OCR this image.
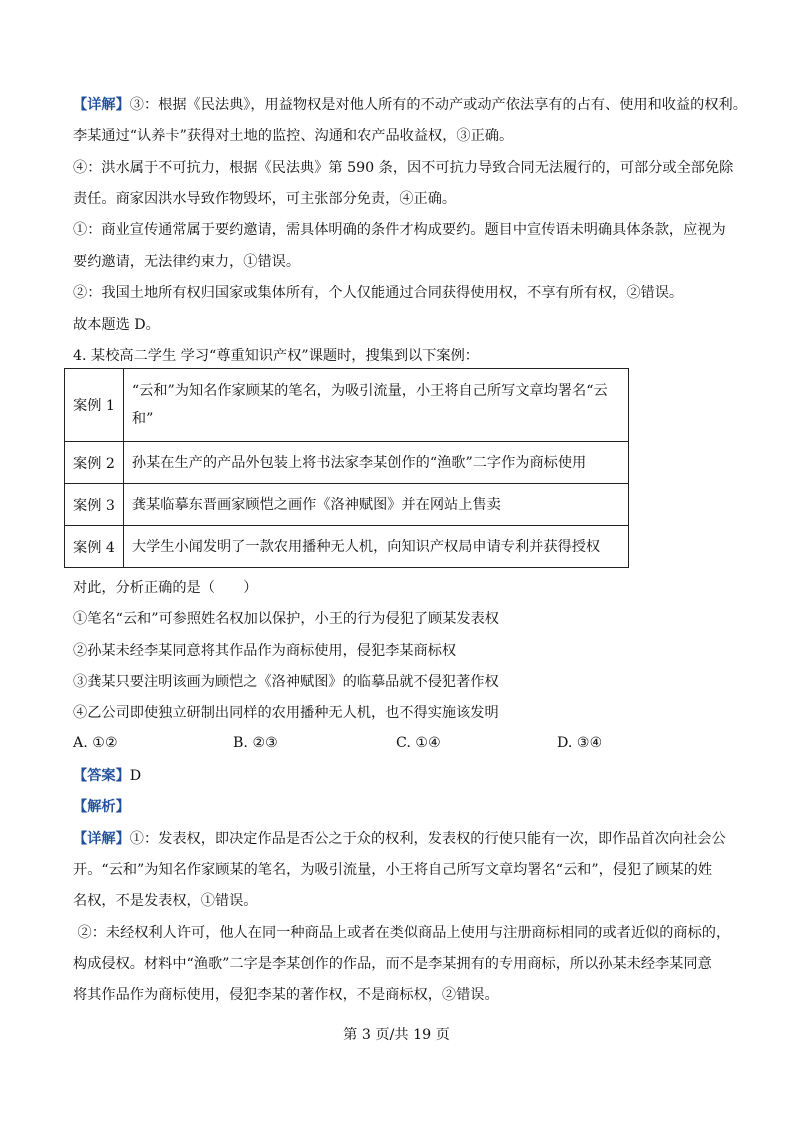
【详解】③：根据《民法典》，用益物权是对他人所有的不动产或动产依法享有的占有、使用和收益的权利。
李某通过“认养卡”获得对土地的监控、沟通和农产品收益权，③正确。
④：洪水属于不可抗力，根据《民法典》第 590 条，因不可抗力导致合同无法履行的，可部分或全部免除
责任。商家因洪水导致作物毁坏，可主张部分免责，④正确。
①：商业宣传通常属于要约邀请，需具体明确的条件才构成要约。题目中宣传语未明确具体条款，应视为
要约邀请，无法律约束力，①错误。
②：我国土地所有权归国家或集体所有，个人仅能通过合同获得使用权，不享有所有权，②错误。
故本题选 D。
4. 某校高二学生 学习“尊重知识产权”课题时，搜集到以下案例：
案例 1	“云和”为知名作家顾某的笔名，为吸引流量，小王将自己所写文章均署名“云和”

案例 2	孙某在生产的产品外包装上将书法家李某创作的“渔歌”二字作为商标使用
案例 3	龚某临摹东晋画家顾恺之画作《洛神赋图》并在网站上售卖
案例 4	大学生小闻发明了一款农用播种无人机，向知识产权局申请专利并获得授权
对此，分析正确的是（　　）
①笔名“云和”可参照姓名权加以保护，小王的行为侵犯了顾某发表权
②孙某未经李某同意将其作品作为商标使用，侵犯李某商标权
③龚某只要注明该画为顾恺之《洛神赋图》的临摹品就不侵犯著作权
④乙公司即使独立研制出同样的农用播种无人机，也不得实施该发明
A. ①②	B. ②③	C. ①④	D. ③④
【答案】D
【解析】
【详解】①：发表权，即决定作品是否公之于众的权利，发表权的行使只能有一次，即作品首次向社会公
开。“云和”为知名作家顾某的笔名，为吸引流量，小王将自己所写文章均署名“云和”，侵犯了顾某的姓
名权，不是发表权，①错误。
②：未经权利人许可，他人在同一种商品上或者在类似商品上使用与注册商标相同的或者近似的商标的，
构成侵权。材料中“渔歌”二字是李某创作的作品，而不是李某拥有的专用商标，所以孙某未经李某同意
将其作品作为商标使用，侵犯李某的著作权，不是商标权，②错误。
第 3 页/共 19 页
